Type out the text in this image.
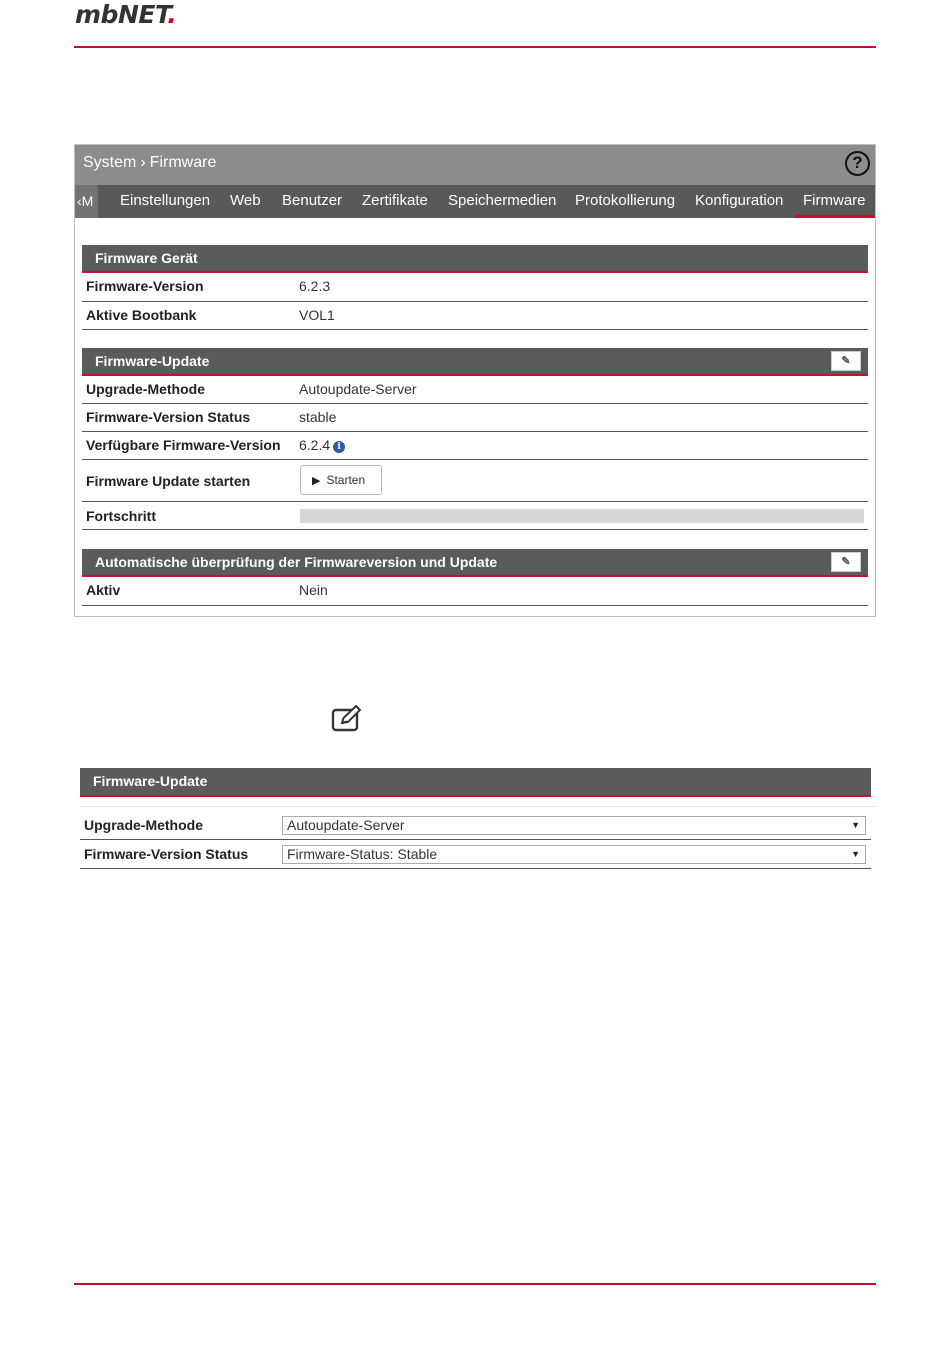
mbNET.
System › Firmware	?
‹M	Einstellungen Web Benutzer Zertifikate Speichermedien Protokollierung Konfiguration Firmware
Firmware Gerät
Firmware-Version	6.2.3
Aktive Bootbank	VOL1
Firmware-Update	✎
Upgrade-Methode	Autoupdate-Server
Firmware-Version Status	stable
Verfügbare Firmware-Version 6.2.4 i
Firmware Update starten	▶ Starten
Fortschritt
Automatische überprüfung der Firmwareversion und Update	✎
Aktiv	Nein
Firmware-Update
Upgrade-Methode	Autoupdate-Server	▼
Firmware-Version Status	Firmware-Status: Stable	▼
